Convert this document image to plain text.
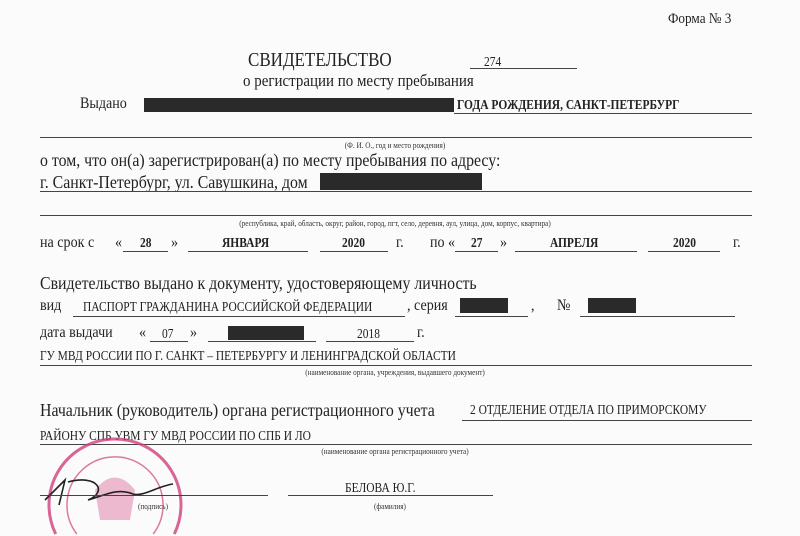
Форма № 3
СВИДЕТЕЛЬСТВО	274
о регистрации по месту пребывания
Выдано	ГОДА РОЖДЕНИЯ, САНКТ-ПЕТЕРБУРГ
(Ф. И. О., год и место рождения)
о том, что он(а) зарегистрирован(а) по месту пребывания по адресу:
г. Санкт-Петербург, ул. Савушкина, дом
(республика, край, область, округ, район, город, пгт, село, деревня, аул, улица, дом, корпус, квартира)
на срок с « 28 »	ЯНВАРЯ	2020 г. по « 27 »	АПРЕЛЯ	2020 г.
Свидетельство выдано к документу, удостоверяющему личность
вид ПАСПОРТ ГРАЖДАНИНА РОССИЙСКОЙ ФЕДЕРАЦИИ , серия	, №
дата выдачи « 07 »	2018 г.
ГУ МВД РОССИИ ПО Г. САНКТ – ПЕТЕРБУРГУ И ЛЕНИНГРАДСКОЙ ОБЛАСТИ
(наименование органа, учреждения, выдавшего документ)
Начальник (руководитель) органа регистрационного учета	2 ОТДЕЛЕНИЕ ОТДЕЛА ПО ПРИМОРСКОМУ
РАЙОНУ СПБ УВМ ГУ МВД РОССИИ ПО СПБ И ЛО
(наименование органа регистрационного учета)
(подпись)
БЕЛОВА Ю.Г.
(фамилия)
